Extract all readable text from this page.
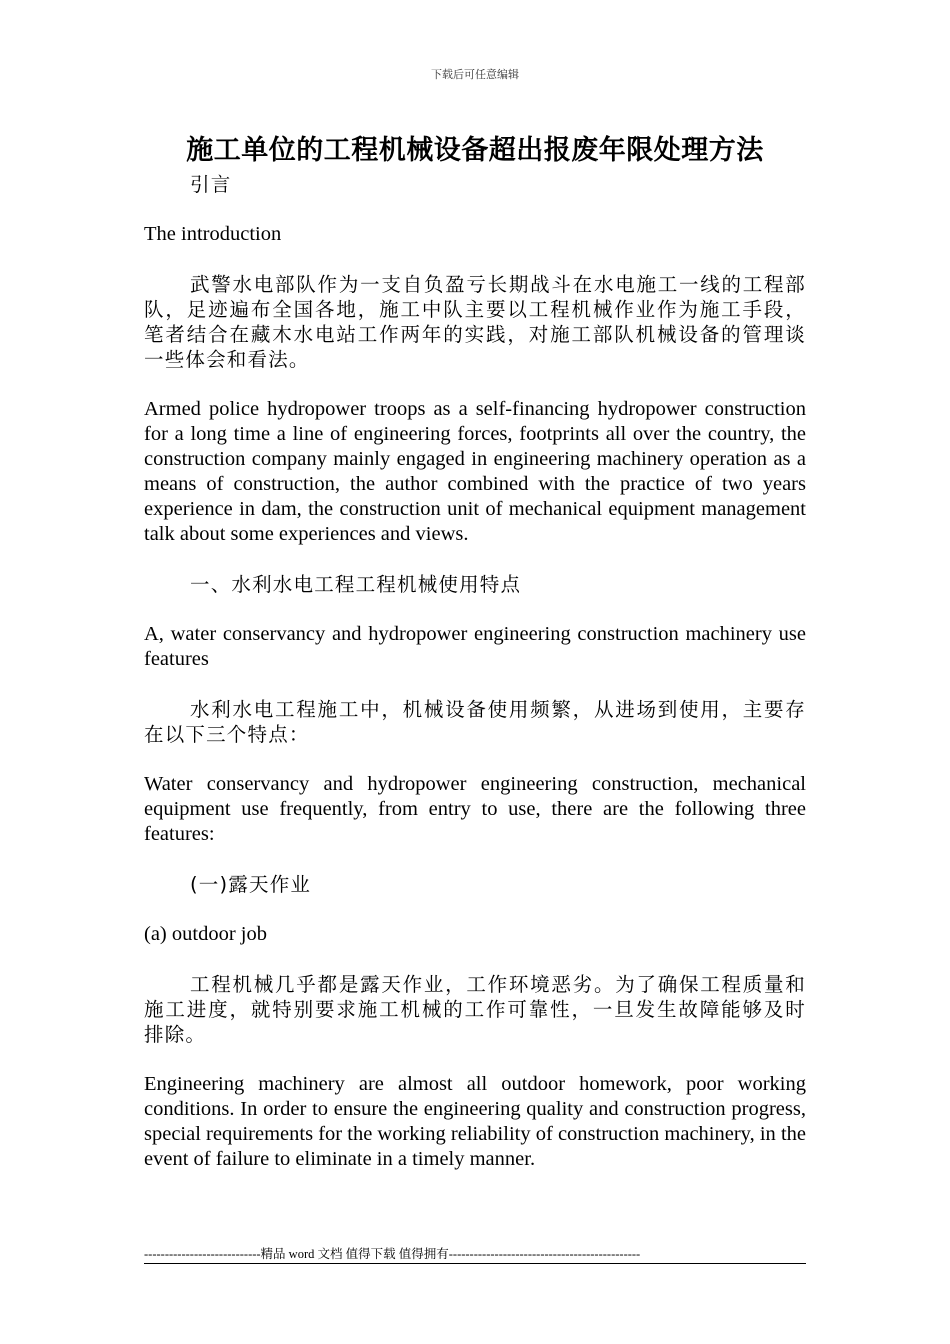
下载后可任意编辑
施工单位的工程机械设备超出报废年限处理方法

引言

The introduction

武警水电部队作为一支自负盈亏长期战斗在水电施工一线的工程部队，足迹遍布全国各地，施工中队主要以工程机械作业作为施工手段，笔者结合在藏木水电站工作两年的实践，对施工部队机械设备的管理谈一些体会和看法。

Armed police hydropower troops as a self-financing hydropower construction for a long time a line of engineering forces, footprints all over the country, the construction company mainly engaged in engineering machinery operation as a means of construction, the author combined with the practice of two years experience in dam, the construction unit of mechanical equipment management talk about some experiences and views.

一、水利水电工程工程机械使用特点

A, water conservancy and hydropower engineering construction machinery use features

水利水电工程施工中，机械设备使用频繁，从进场到使用，主要存在以下三个特点：

Water conservancy and hydropower engineering construction, mechanical equipment use frequently, from entry to use, there are the following three features:

(一)露天作业

(a) outdoor job

工程机械几乎都是露天作业，工作环境恶劣。为了确保工程质量和施工进度，就特别要求施工机械的工作可靠性，一旦发生故障能够及时排除。

Engineering machinery are almost all outdoor homework, poor working conditions. In order to ensure the engineering quality and construction progress, special requirements for the working reliability of construction machinery, in the event of failure to eliminate in a timely manner.

----------------------------精品 word 文档 值得下载 值得拥有----------------------------------------------
